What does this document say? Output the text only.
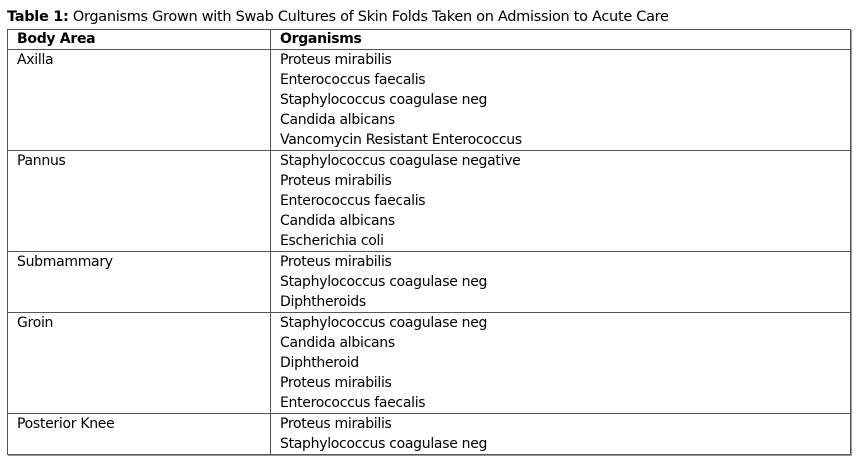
Table 1: Organisms Grown with Swab Cultures of Skin Folds Taken on Admission to Acute Care
Body Area	Organisms

Axilla	Proteus mirabilis
Enterococcus faecalis
Staphylococcus coagulase neg
Candida albicans
Vancomycin Resistant Enterococcus

Pannus	Staphylococcus coagulase negative
Proteus mirabilis
Enterococcus faecalis
Candida albicans
Escherichia coli

Submammary	Proteus mirabilis
Staphylococcus coagulase neg
Diphtheroids

Groin	Staphylococcus coagulase neg
Candida albicans
Diphtheroid
Proteus mirabilis
Enterococcus faecalis

Posterior Knee	Proteus mirabilis
Staphylococcus coagulase neg
